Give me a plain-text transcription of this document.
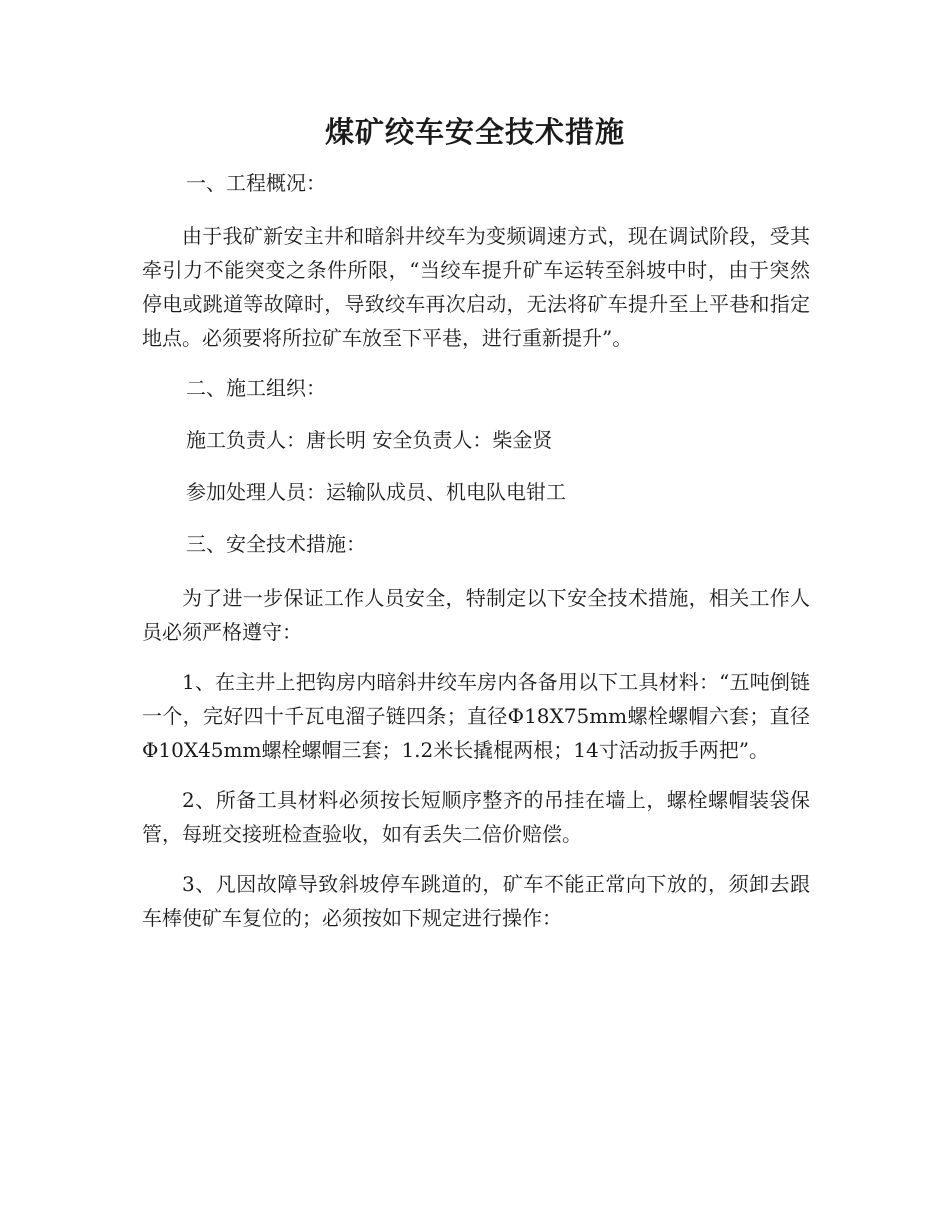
煤矿绞车安全技术措施

一、工程概况：

由于我矿新安主井和暗斜井绞车为变频调速方式，现在调试阶段，受其牵引力不能突变之条件所限，“当绞车提升矿车运转至斜坡中时，由于突然停电或跳道等故障时，导致绞车再次启动，无法将矿车提升至上平巷和指定地点。必须要将所拉矿车放至下平巷，进行重新提升”。

二、施工组织：

施工负责人：唐长明 安全负责人：柴金贤

参加处理人员：运输队成员、机电队电钳工

三、安全技术措施：

为了进一步保证工作人员安全，特制定以下安全技术措施，相关工作人员必须严格遵守：

1、在主井上把钩房内暗斜井绞车房内各备用以下工具材料：“五吨倒链一个，完好四十千瓦电溜子链四条；直径Φ18X75mm螺栓螺帽六套；直径Φ10X45mm螺栓螺帽三套；1.2米长撬棍两根；14寸活动扳手两把”。

2、所备工具材料必须按长短顺序整齐的吊挂在墙上，螺栓螺帽装袋保管，每班交接班检查验收，如有丢失二倍价赔偿。

3、凡因故障导致斜坡停车跳道的，矿车不能正常向下放的，须卸去跟车棒使矿车复位的；必须按如下规定进行操作：
